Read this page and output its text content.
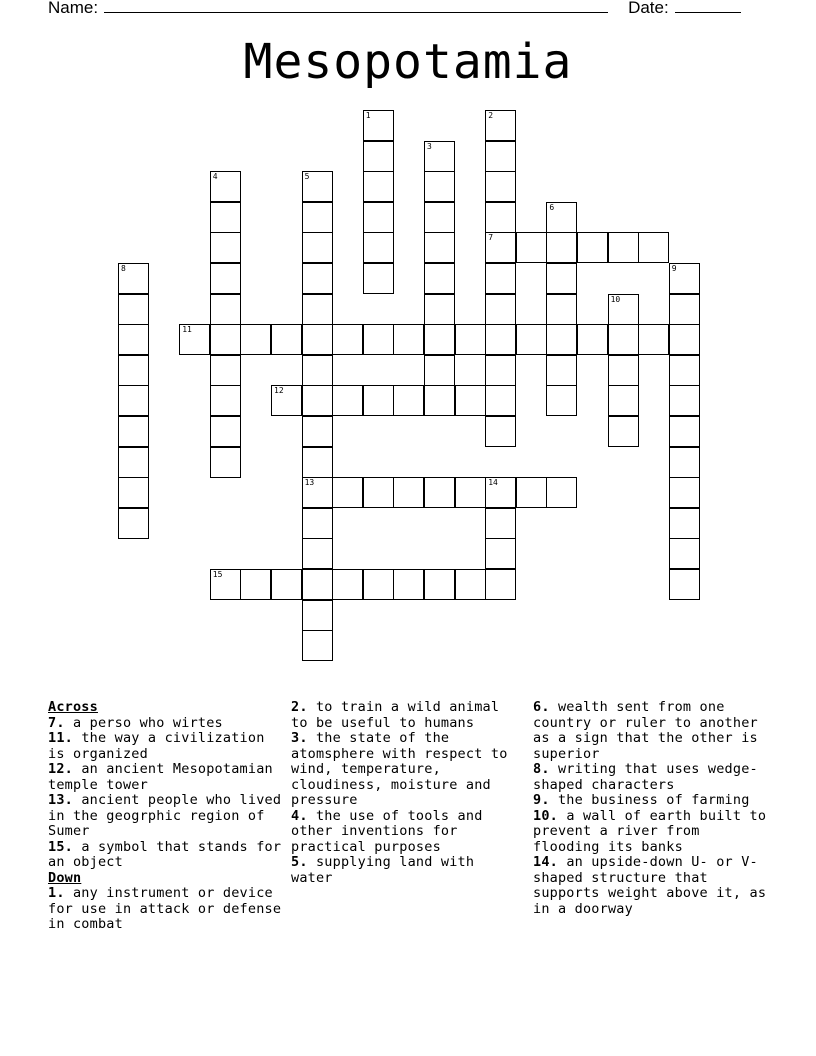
Name:	Date:
Mesopotamia
1	2
7
3
4	5
13
6
8	9
10
11
12
14
15

Across

7. a perso who wirtes

11. the way a civilization is organized

12. an ancient Mesopotamian temple tower

13. ancient people who lived in the geogrphic region of Sumer

15. a symbol that stands for an object

Down

1. any instrument or device for use in attack or defense in combat

2. to train a wild animal to be useful to humans

3. the state of the atomsphere with respect to wind, temperature, cloudiness, moisture and pressure

4. the use of tools and other inventions for practical purposes

5. supplying land with water

6. wealth sent from one country or ruler to another as a sign that the other is superior

8. writing that uses wedge-shaped characters

9. the business of farming

10. a wall of earth built to prevent a river from flooding its banks

14. an upside-down U- or V-shaped structure that supports weight above it, as in a doorway
